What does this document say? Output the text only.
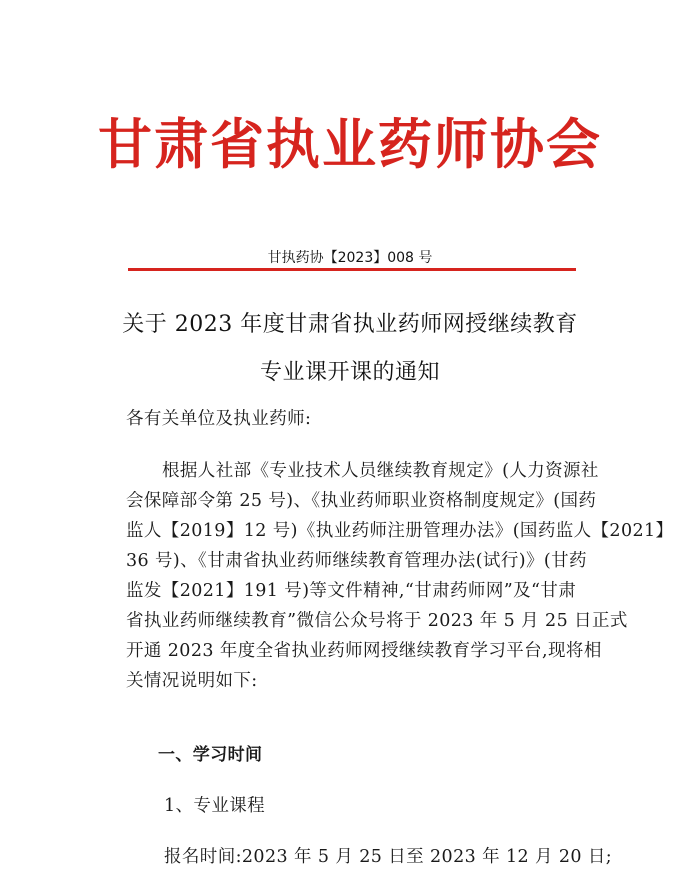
甘肃省执业药师协会
甘执药协【2023】008 号
关于 2023 年度甘肃省执业药师网授继续教育
专业课开课的通知
各有关单位及执业药师:
根据人社部《专业技术人员继续教育规定》(人力资源社
会保障部令第 25 号)、《执业药师职业资格制度规定》(国药
监人【2019】12 号)《执业药师注册管理办法》(国药监人【2021】
36 号)、《甘肃省执业药师继续教育管理办法(试行)》(甘药
监发【2021】191 号)等文件精神,“甘肃药师网”及“甘肃
省执业药师继续教育”微信公众号将于 2023 年 5 月 25 日正式
开通 2023 年度全省执业药师网授继续教育学习平台,现将相
关情况说明如下:
一、学习时间
1、专业课程
报名时间:2023 年 5 月 25 日至 2023 年 12 月 20 日;
